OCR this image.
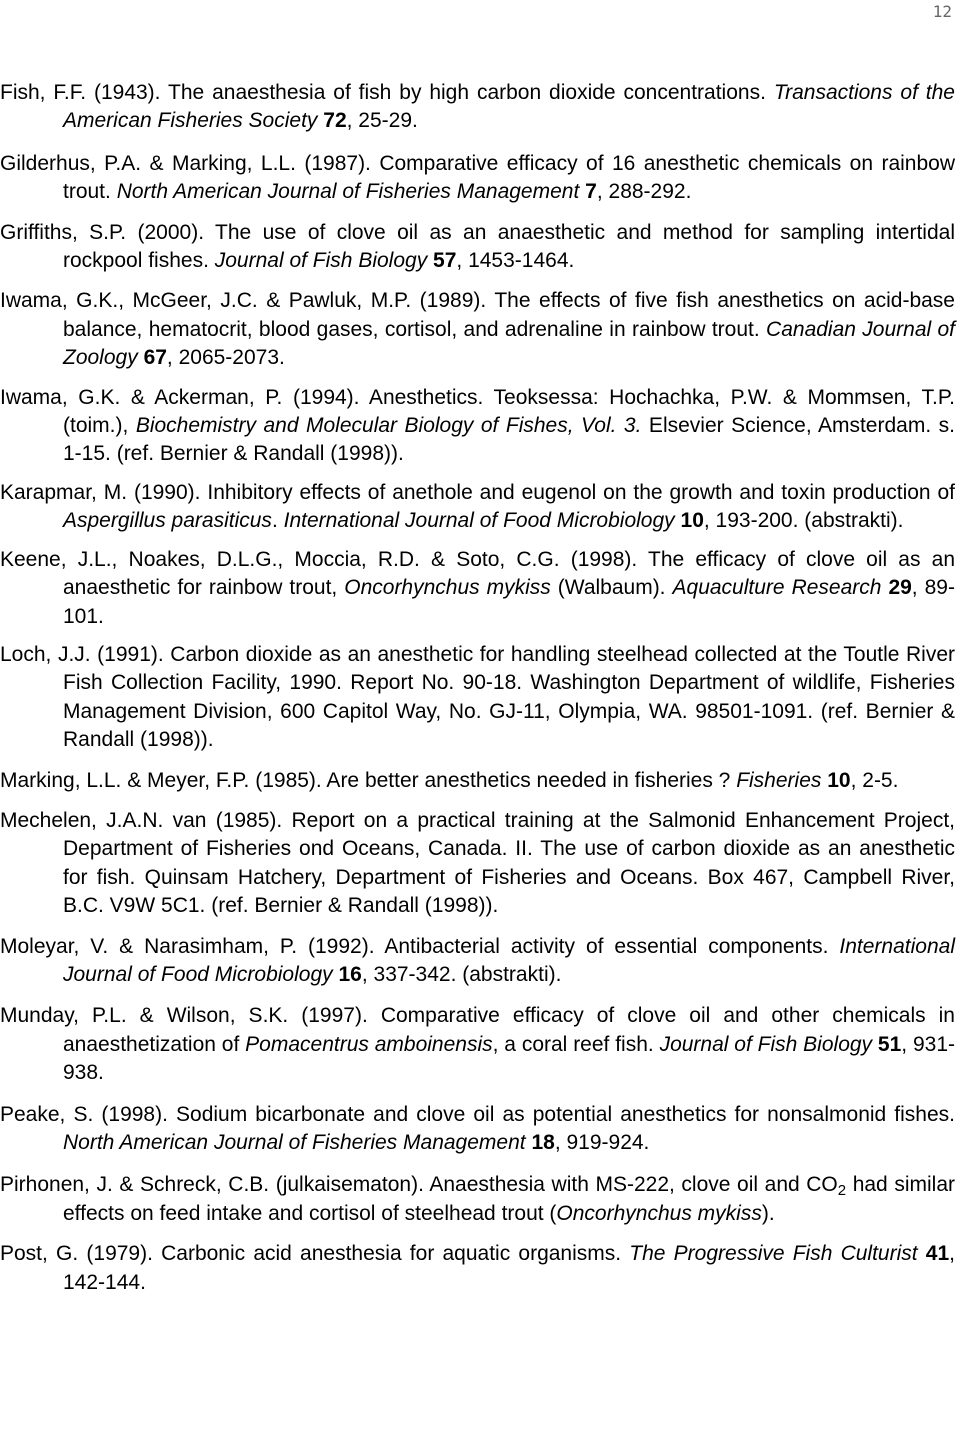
12

Fish, F.F. (1943). The anaesthesia of fish by high carbon dioxide concentrations. Transactions of the American Fisheries Society 72, 25-29.

Gilderhus, P.A. & Marking, L.L. (1987). Comparative efficacy of 16 anesthetic chemicals on rainbow trout. North American Journal of Fisheries Management 7, 288-292.

Griffiths, S.P. (2000). The use of clove oil as an anaesthetic and method for sampling intertidal rockpool fishes. Journal of Fish Biology 57, 1453-1464.

Iwama, G.K., McGeer, J.C. & Pawluk, M.P. (1989). The effects of five fish anesthetics on acid-base balance, hematocrit, blood gases, cortisol, and adrenaline in rainbow trout. Canadian Journal of Zoology 67, 2065-2073.

Iwama, G.K. & Ackerman, P. (1994). Anesthetics. Teoksessa: Hochachka, P.W. & Mommsen, T.P. (toim.), Biochemistry and Molecular Biology of Fishes, Vol. 3. Elsevier Science, Amsterdam. s. 1-15. (ref. Bernier & Randall (1998)).

Karapmar, M. (1990). Inhibitory effects of anethole and eugenol on the growth and toxin production of Aspergillus parasiticus. International Journal of Food Microbiology 10, 193-200. (abstrakti).

Keene, J.L., Noakes, D.L.G., Moccia, R.D. & Soto, C.G. (1998). The efficacy of clove oil as an anaesthetic for rainbow trout, Oncorhynchus mykiss (Walbaum). Aquaculture Research 29, 89-101.

Loch, J.J. (1991). Carbon dioxide as an anesthetic for handling steelhead collected at the Toutle River Fish Collection Facility, 1990. Report No. 90-18. Washington Department of wildlife, Fisheries Management Division, 600 Capitol Way, No. GJ-11, Olympia, WA. 98501-1091. (ref. Bernier & Randall (1998)).

Marking, L.L. & Meyer, F.P. (1985). Are better anesthetics needed in fisheries ? Fisheries 10, 2-5.

Mechelen, J.A.N. van (1985). Report on a practical training at the Salmonid Enhancement Project, Department of Fisheries ond Oceans, Canada. II. The use of carbon dioxide as an anesthetic for fish. Quinsam Hatchery, Department of Fisheries and Oceans. Box 467, Campbell River, B.C. V9W 5C1. (ref. Bernier & Randall (1998)).

Moleyar, V. & Narasimham, P. (1992). Antibacterial activity of essential components. International Journal of Food Microbiology 16, 337-342. (abstrakti).

Munday, P.L. & Wilson, S.K. (1997). Comparative efficacy of clove oil and other chemicals in anaesthetization of Pomacentrus amboinensis, a coral reef fish. Journal of Fish Biology 51, 931-938.

Peake, S. (1998). Sodium bicarbonate and clove oil as potential anesthetics for nonsalmonid fishes. North American Journal of Fisheries Management 18, 919-924.

Pirhonen, J. & Schreck, C.B. (julkaisematon). Anaesthesia with MS-222, clove oil and $CO_2$ had similar effects on feed intake and cortisol of steelhead trout (Oncorhynchus mykiss).

Post, G. (1979). Carbonic acid anesthesia for aquatic organisms. The Progressive Fish Culturist 41, 142-144.
